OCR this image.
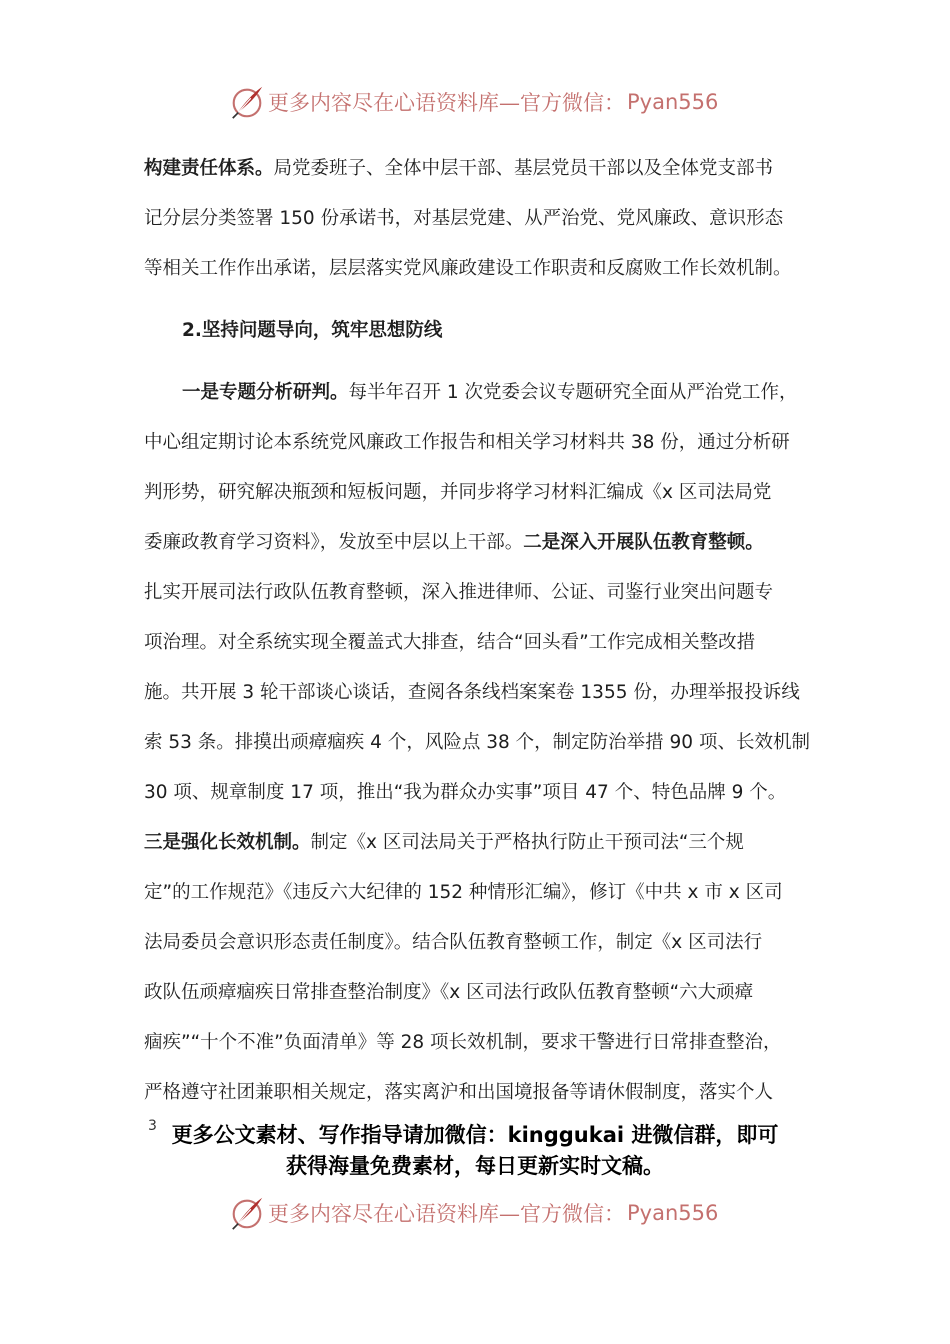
更多内容尽在心语资料库—官方微信： Pyan556
构建责任体系。局党委班子、全体中层干部、基层党员干部以及全体党支部书
记分层分类签署 150 份承诺书，对基层党建、从严治党、党风廉政、意识形态
等相关工作作出承诺，层层落实党风廉政建设工作职责和反腐败工作长效机制。
2.坚持问题导向，筑牢思想防线
一是专题分析研判。每半年召开 1 次党委会议专题研究全面从严治党工作，
中心组定期讨论本系统党风廉政工作报告和相关学习材料共 38 份，通过分析研
判形势，研究解决瓶颈和短板问题，并同步将学习材料汇编成《x 区司法局党
委廉政教育学习资料》，发放至中层以上干部。二是深入开展队伍教育整顿。
扎实开展司法行政队伍教育整顿，深入推进律师、公证、司鉴行业突出问题专
项治理。对全系统实现全覆盖式大排查，结合“回头看”工作完成相关整改措
施。共开展 3 轮干部谈心谈话，查阅各条线档案案卷 1355 份，办理举报投诉线
索 53 条。排摸出顽瘴痼疾 4 个，风险点 38 个，制定防治举措 90 项、长效机制
30 项、规章制度 17 项，推出“我为群众办实事”项目 47 个、特色品牌 9 个。
三是强化长效机制。制定《x 区司法局关于严格执行防止干预司法“三个规
定”的工作规范》《违反六大纪律的 152 种情形汇编》，修订《中共 x 市 x 区司
法局委员会意识形态责任制度》。结合队伍教育整顿工作，制定《x 区司法行
政队伍顽瘴痼疾日常排查整治制度》《x 区司法行政队伍教育整顿“六大顽瘴
痼疾”“十个不准”负面清单》等 28 项长效机制，要求干警进行日常排查整治，
严格遵守社团兼职相关规定，落实离沪和出国境报备等请休假制度，落实个人
3 更多公文素材、写作指导请加微信：kinggukai 进微信群，即可
获得海量免费素材，每日更新实时文稿。
更多内容尽在心语资料库—官方微信： Pyan556
